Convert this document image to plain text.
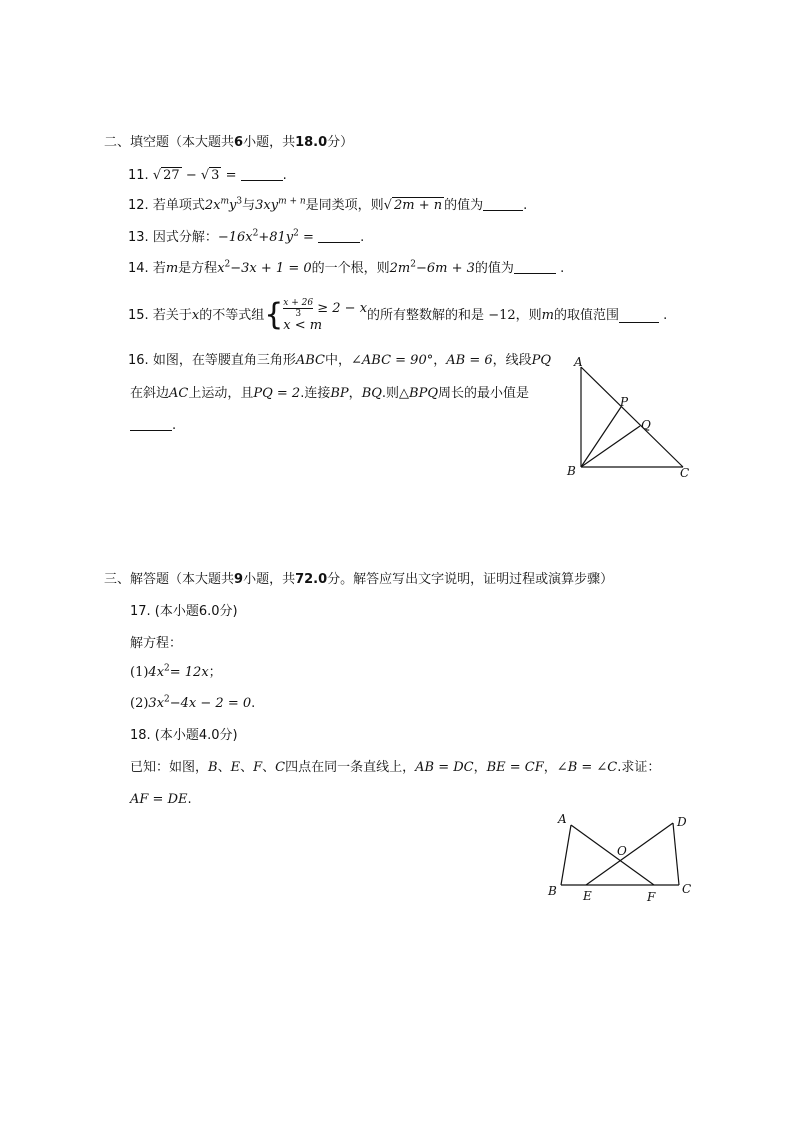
二、填空题（本大题共6小题，共18.0分）
11. √ 27 − √ 3 =	.
12. 若单项式$2x^my^3$与$3xy^{m + n}$是同类项，则√ 2m + n 的值为	.
13. 因式分解：$-16x^2+81y^2$ =	.
14. 若m是方程$x^2-3x + 1 = 0$的一个根，则$2m^2-6m + 3$的值为	.
15. 若关于x的不等式组{ $\frac{x + 26}{3} \ge 2 - x$
x < m
的所有整数解的和是 −12，则m的取值范围	.
16. 如图，在等腰直角三角形ABC中，∠ABC = 90°，AB = 6，线段PQ
在斜边AC上运动，且PQ = 2.连接BP，BQ.则△BPQ周长的最小值是
.
A
B	C
P
Q
三、解答题（本大题共9小题，共72.0分。解答应写出文字说明，证明过程或演算步骤）
17. (本小题6.0分)
解方程：
$(1)4x^2= 12x$；
$(2)3x^2-4x - 2 = 0$.
18. (本小题4.0分)
已知：如图，B、E、F、C四点在同一条直线上，AB = DC，BE = CF，∠B = ∠C.求证：
AF = DE.
A
B	C
D
E	F
O
